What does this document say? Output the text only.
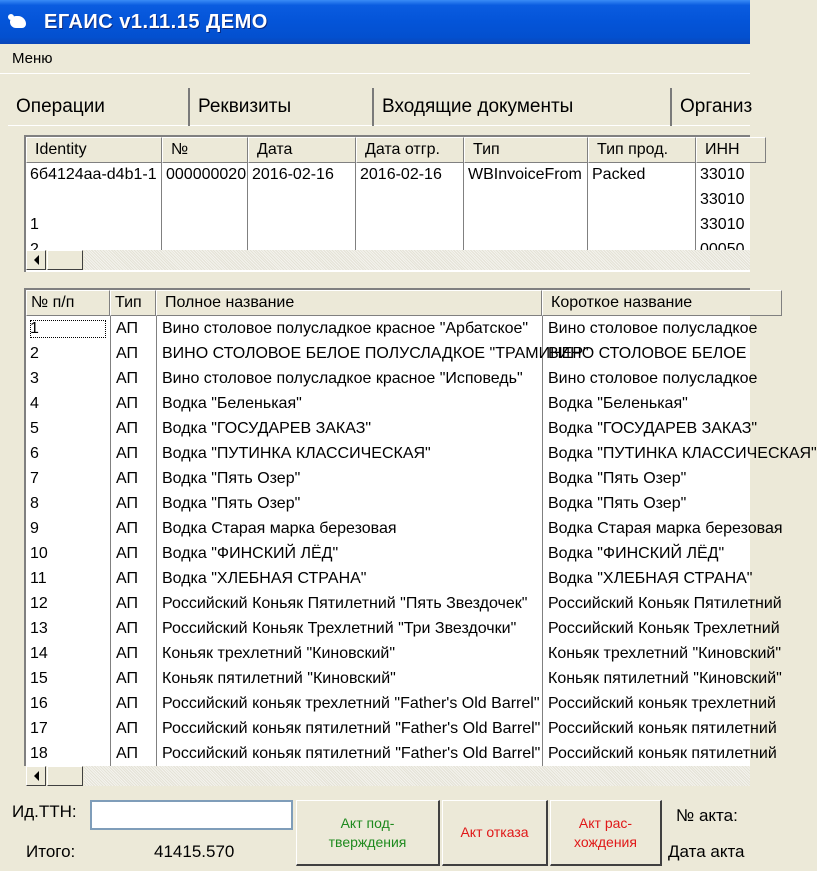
ЕГАИС v1.11.15 ДЕМО
Меню
Операции	Реквизиты	Входящие документы	Организ
Identity	№	Дата	Дата отгр.	Тип	Тип прод.	ИНН
6б4124aa-d4b1-1
1
000000020 2016-02-16 2016-02-16 WBInvoiceFrom Packed	33010
33010
33010
№ п/п	Тип	Полное название	Короткое название
1	АП	Вино столовое полусладкое красное "Арбатское"	Вино столовое полусладкое
2	АП	ВИНО СТОЛОВОЕ БЕЛОЕ ПОЛУСЛАДКОЕ "ТРАМИНЕР"
ВИНО СТОЛОВОЕ БЕЛОЕ
3	АП	Вино столовое полусладкое красное "Исповедь"	Вино столовое полусладкое
4	АП	Водка "Беленькая"	Водка "Беленькая"
5	АП	Водка "ГОСУДАРЕВ ЗАКАЗ"	Водка "ГОСУДАРЕВ ЗАКАЗ"
6	АП	Водка "ПУТИНКА КЛАССИЧЕСКАЯ"	Водка "ПУТИНКА КЛАССИЧЕСКАЯ"
7	АП	Водка "Пять Озер"	Водка "Пять Озер"
8	АП	Водка "Пять Озер"	Водка "Пять Озер"
9	АП	Водка Старая марка березовая	Водка Старая марка березовая
10	АП	Водка "ФИНСКИЙ ЛЁД"	Водка "ФИНСКИЙ ЛЁД"
11	АП	Водка "ХЛЕБНАЯ СТРАНА"	Водка "ХЛЕБНАЯ СТРАНА"
12	АП	Российский Коньяк Пятилетний "Пять Звездочек"	Российский Коньяк Пятилетний
13	АП	Российский Коньяк Трехлетний "Три Звездочки"	Российский Коньяк Трехлетний
14	АП	Коньяк трехлетний "Киновский"	Коньяк трехлетний "Киновский"
15	АП	Коньяк пятилетний "Киновский"	Коньяк пятилетний "Киновский"
16	АП	Российский коньяк трехлетний "Father's Old Barrel" Российский коньяк трехлетний
17	АП	Российский коньяк пятилетний "Father's Old Barrel" Российский коньяк пятилетний
18	АП	Российский коньяк пятилетний "Father's Old Barrel" Российский коньяк пятилетний
Ид.ТТН:
Итого:	41415.570
Акт под-
тверждения
Акт отказа
Акт рас-
хождения
№ акта:
Дата акта
